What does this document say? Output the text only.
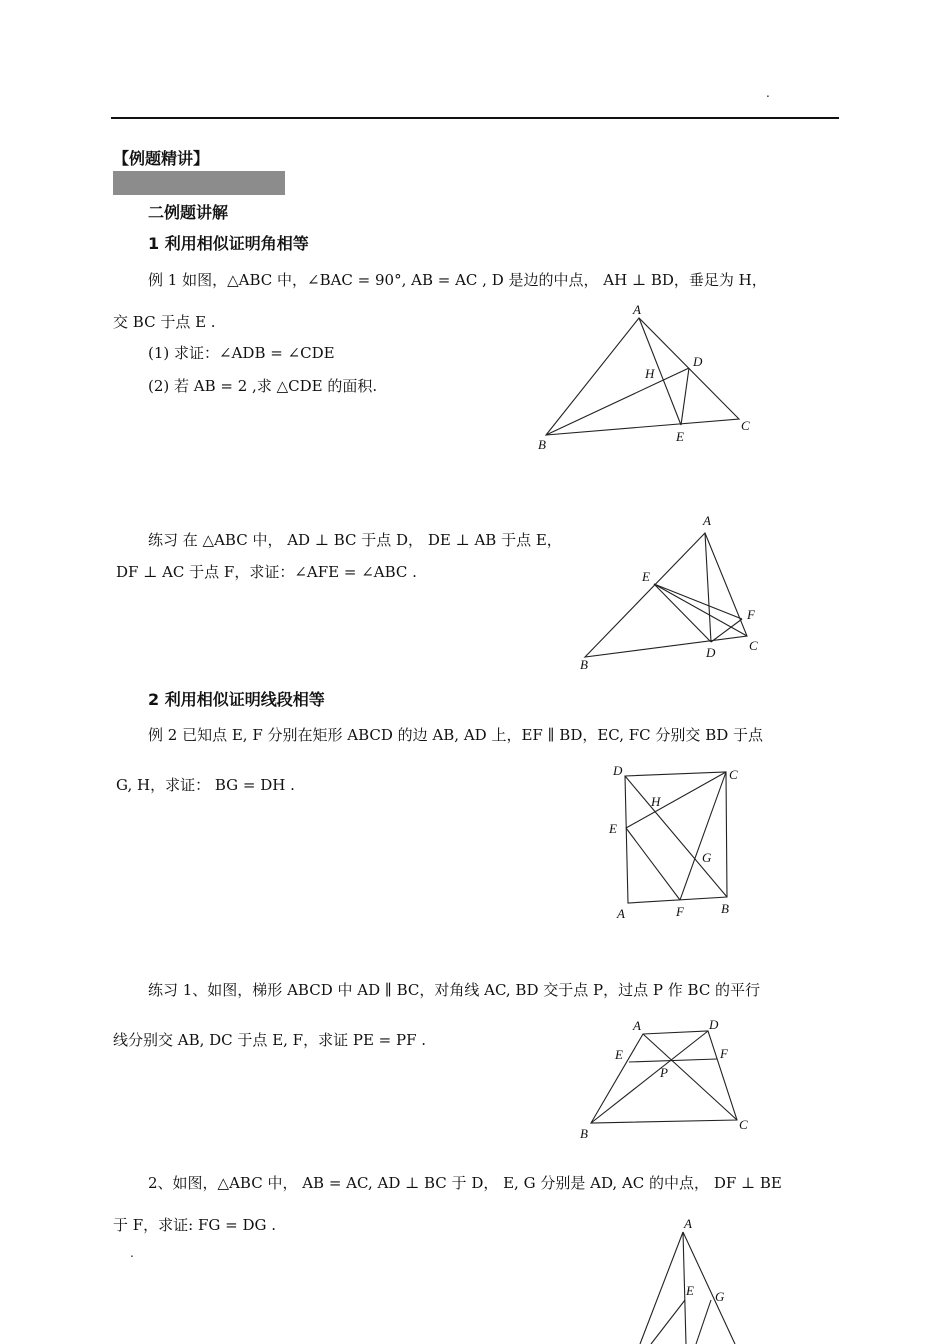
.
【例题精讲】
二例题讲解
1 利用相似证明角相等
例 1 如图，△ABC 中，∠BAC = 90°, AB = AC , D 是边的中点， AH ⊥ BD，垂足为 H，
交 BC 于点 E .
(1) 求证：∠ADB = ∠CDE
(2) 若 AB = 2 ,求 △CDE 的面积.
A
B
C
D
E
H
练习 在 △ABC 中， AD ⊥ BC 于点 D， DE ⊥ AB 于点 E，
DF ⊥ AC 于点 F，求证：∠AFE = ∠ABC .
A
B
C
D
E
F
2 利用相似证明线段相等
例 2 已知点 E, F 分别在矩形 ABCD 的边 AB, AD 上，EF ∥ BD，EC, FC 分别交 BD 于点
G, H，求证： BG = DH .
D	C
H
E
G
A	F	B
练习 1、如图，梯形 ABCD 中 AD ∥ BC，对角线 AC, BD 交于点 P，过点 P 作 BC 的平行
线分别交 AB, DC 于点 E, F，求证 PE = PF .
A	D
E	F
P
B
C
2、如图，△ABC 中， AB = AC, AD ⊥ BC 于 D， E, G 分别是 AD, AC 的中点， DF ⊥ BE
于 F，求证: FG = DG .	A
E G
.
